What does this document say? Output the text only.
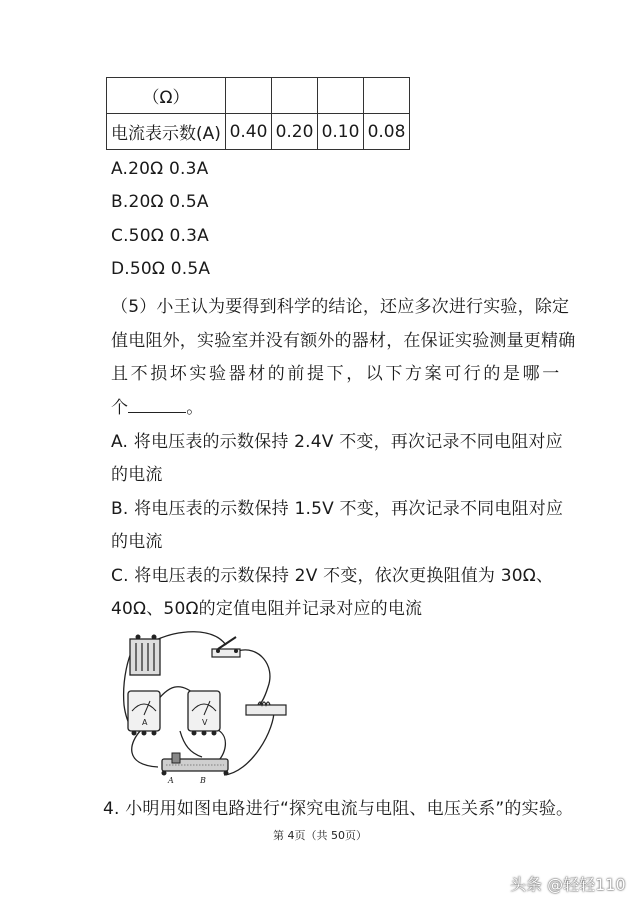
（Ω）				
电流表示数(A)	0.40	0.20	0.10	0.08
A.20Ω 0.3A
B.20Ω 0.5A
C.50Ω 0.3A
D.50Ω 0.5A
（5）小王认为要得到科学的结论，还应多次进行实验，除定
值电阻外，实验室并没有额外的器材，在保证实验测量更精确
且不损坏实验器材的前提下，以下方案可行的是哪一
个	。
A. 将电压表的示数保持 2.4V 不变，再次记录不同电阻对应
的电流
B. 将电压表的示数保持 1.5V 不变，再次记录不同电阻对应
的电流
C. 将电压表的示数保持 2V 不变，依次更换阻值为 30Ω、
40Ω、50Ω的定值电阻并记录对应的电流
A	V
A	B
4. 小明用如图电路进行“探究电流与电阻、电压关系”的实验。
第 4页（共 50页）
头条 @轻轻110
